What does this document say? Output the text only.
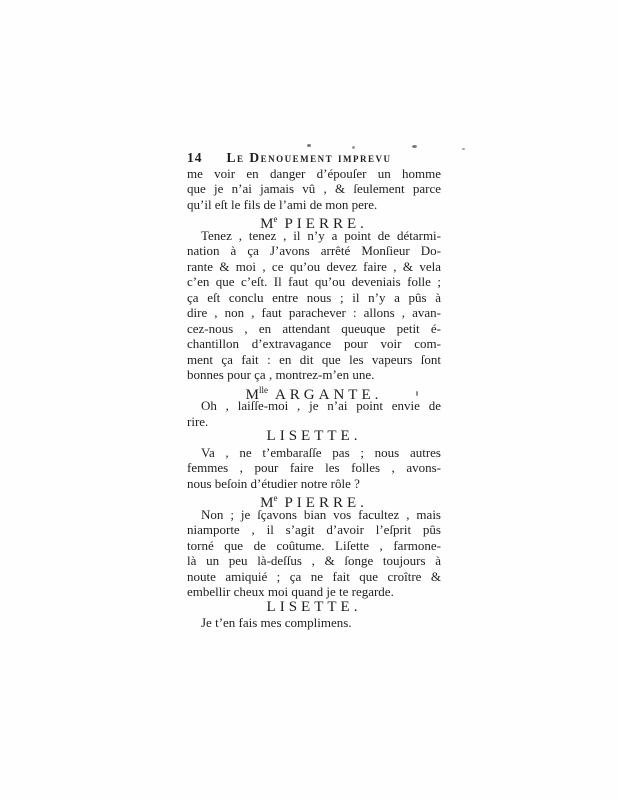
14 Le Denouement imprevu
me voir en danger d’épouſer un homme
que je n’ai jamais vû , & ſeulement parce
qu’il eſt le fils de l’ami de mon pere.
Me PIERRE.
Tenez , tenez , il n’y a point de détarmi-
nation à ça J’avons arrêté Monſieur Do-
rante & moi , ce qu’ou devez faire , & vela
c’en que c’eſt. Il faut qu’ou deveniais folle ;
ça eſt conclu entre nous ; il n’y a pûs à
dire , non , faut parachever : allons , avan-
cez-nous , en attendant queuque petit é-
chantillon d’extravagance pour voir com-
ment ça fait : en dit que les vapeurs ſont
bonnes pour ça , montrez-m’en une.
$M^{lle}$ ARGANTE.
Oh , laiſſe-moi , je n’ai point envie de
rire.
LISETTE.
Va , ne t’embaraſſe pas ; nous autres
femmes , pour faire les folles , avons-
nous beſoin d’étudier notre rôle ?
Me PIERRE.
Non ; je ſçavons bian vos facultez , mais
niamporte , il s’agit d’avoir l’eſprit pûs
torné que de coûtume. Liſette , farmone-
là un peu là-deſſus , & ſonge toujours à
noute amiquié ; ça ne fait que croître &
embellir cheux moi quand je te regarde.
LISETTE.
Je t’en fais mes complimens.
